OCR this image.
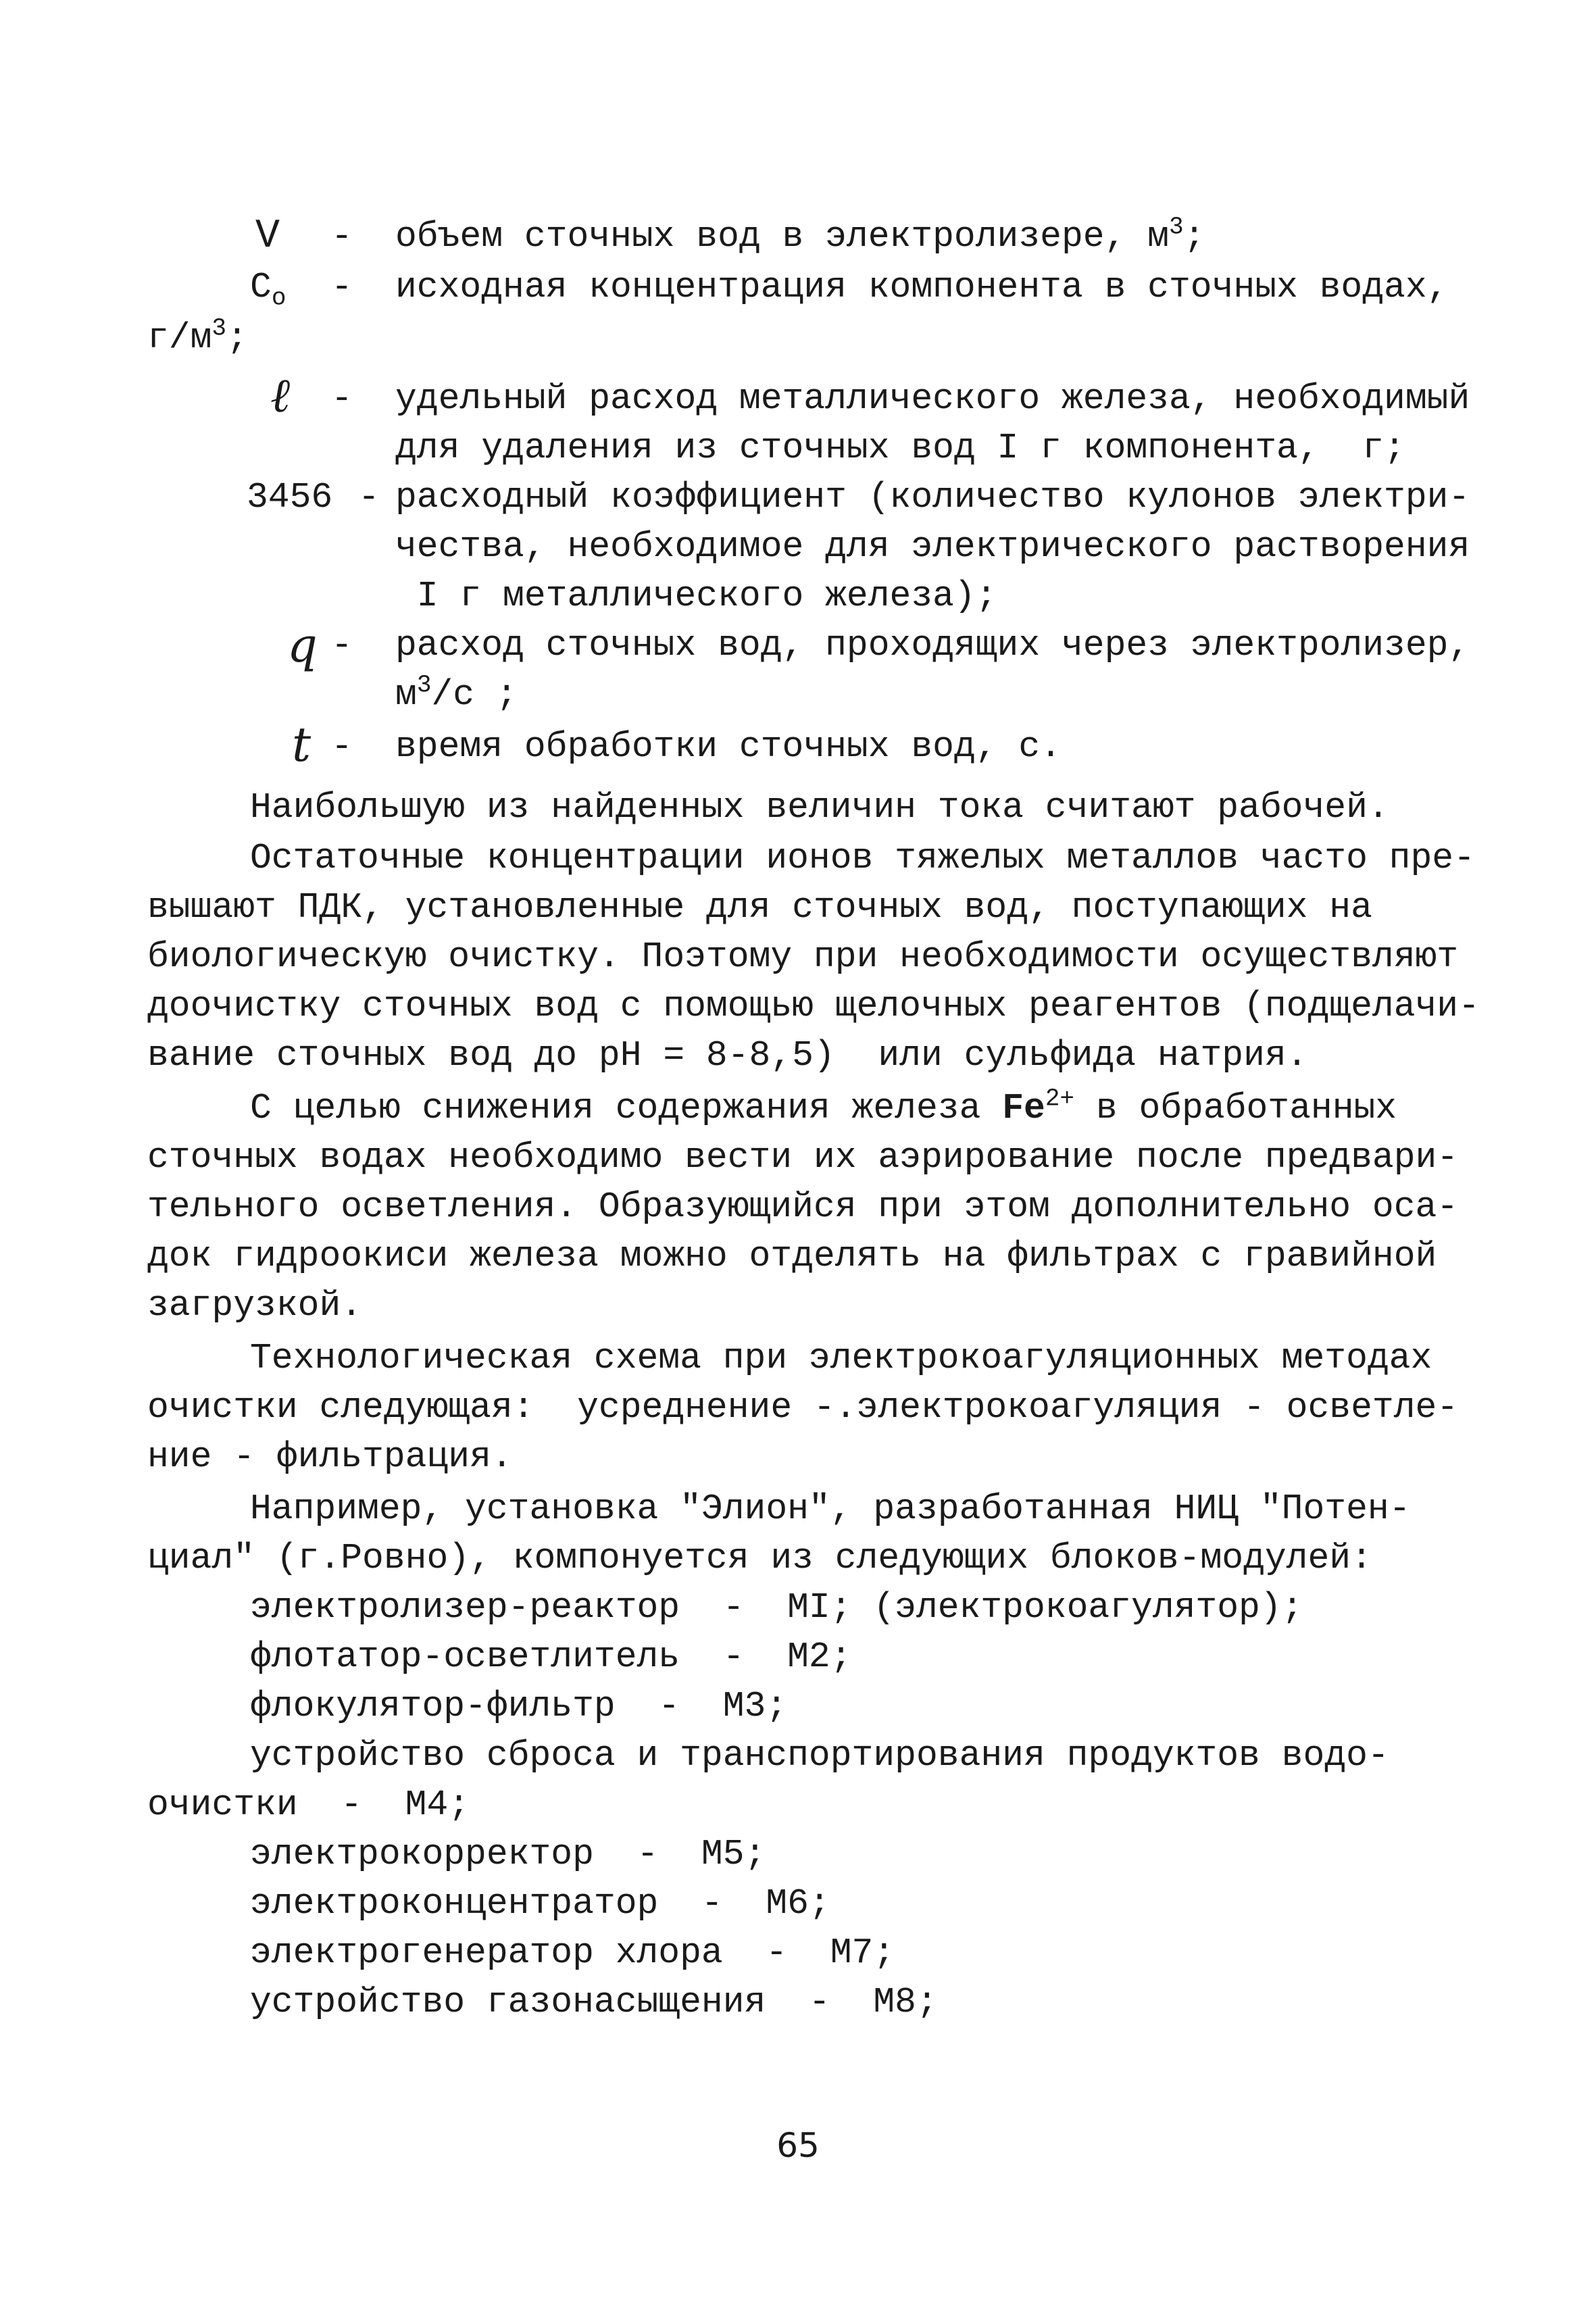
V - объем сточных вод в электролизере, $м^3$;
$C_o$ - исходная концентрация компонента в сточных водах,
$г/м^3$;
ℓ - удельный расход металлического железа, необходимый
для удаления из сточных вод I г компонента,  г;
3456 - расходный коэффициент (количество кулонов электри-
чества, необходимое для электрического растворения
I г металлического железа);
q - расход сточных вод, проходящих через электролизер,
$м^3/с$ ;
t - время обработки сточных вод, с.
Наибольшую из найденных величин тока считают рабочей.
Остаточные концентрации ионов тяжелых металлов часто пре-
вышают ПДК, установленные для сточных вод, поступающих на
биологическую очистку. Поэтому при необходимости осуществляют
доочистку сточных вод с помощью щелочных реагентов (подщелачи-
вание сточных вод до рН = 8-8,5)  или сульфида натрия.
С целью снижения содержания железа $Fe^{2+}$ в обработанных
сточных водах необходимо вести их аэрирование после предвари-
тельного осветления. Образующийся при этом дополнительно оса-
док гидроокиси железа можно отделять на фильтрах с гравийной
загрузкой.
Технологическая схема при электрокоагуляционных методах
очистки следующая:  усреднение -.электрокоагуляция - осветле-
ние - фильтрация.
Например, установка "Элион", разработанная НИЦ "Потен-
циал" (г.Ровно), компонуется из следующих блоков-модулей:
электролизер-реактор  -  МI; (электрокоагулятор);
флотатор-осветлитель  -  М2;
флокулятор-фильтр  -  М3;
устройство сброса и транспортирования продуктов водо-
очистки  -  М4;
электрокорректор  -  М5;
электроконцентратор  -  М6;
электрогенератор хлора  -  М7;
устройство газонасыщения  -  М8;
65
